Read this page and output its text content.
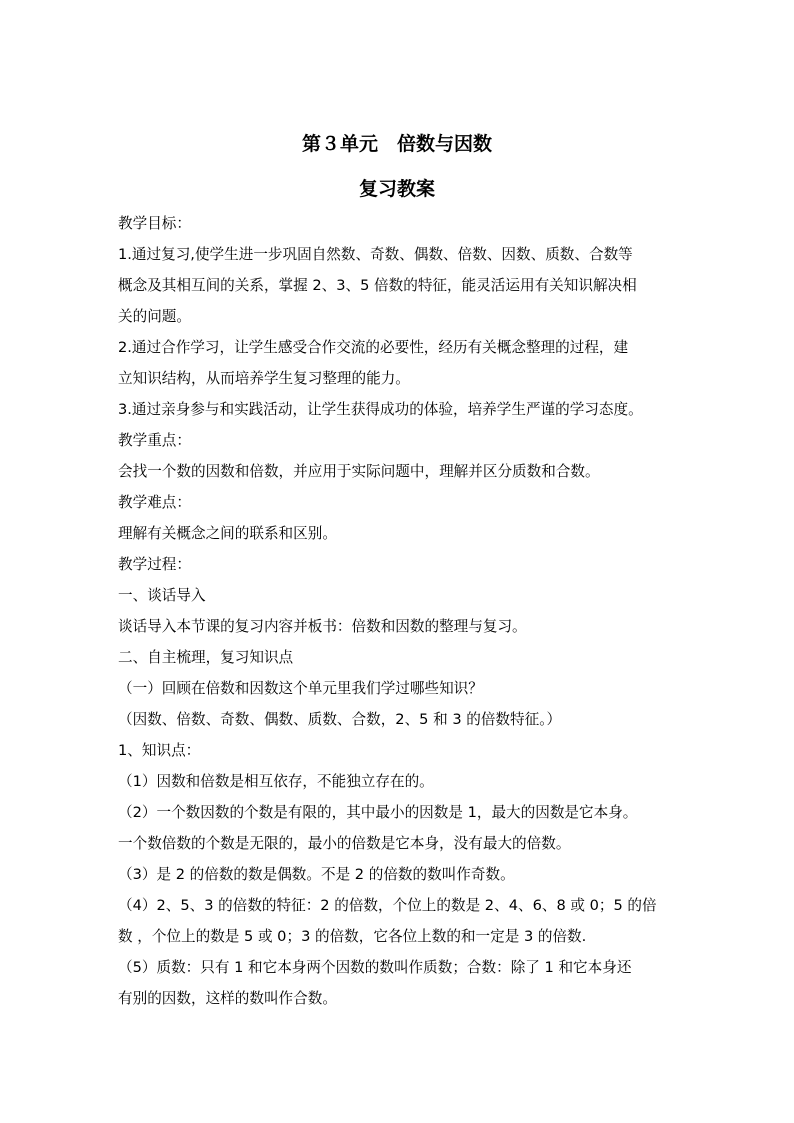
第３单元　倍数与因数
复习教案
教学目标：
1.通过复习,使学生进一步巩固自然数、奇数、偶数、倍数、因数、质数、合数等
概念及其相互间的关系，掌握 2、3、5 倍数的特征，能灵活运用有关知识解决相
关的问题。
2.通过合作学习，让学生感受合作交流的必要性，经历有关概念整理的过程，建
立知识结构，从而培养学生复习整理的能力。
3.通过亲身参与和实践活动，让学生获得成功的体验，培养学生严谨的学习态度。
教学重点：
会找一个数的因数和倍数，并应用于实际问题中，理解并区分质数和合数。
教学难点：
理解有关概念之间的联系和区别。
教学过程：
一、谈话导入
谈话导入本节课的复习内容并板书：倍数和因数的整理与复习。
二、自主梳理，复习知识点
（一）回顾在倍数和因数这个单元里我们学过哪些知识？
（因数、倍数、奇数、偶数、质数、合数，2、5 和 3 的倍数特征。）
1、知识点：
（1）因数和倍数是相互依存，不能独立存在的。
（2）一个数因数的个数是有限的，其中最小的因数是 1，最大的因数是它本身。
一个数倍数的个数是无限的，最小的倍数是它本身，没有最大的倍数。
（3）是 2 的倍数的数是偶数。不是 2 的倍数的数叫作奇数。
（4）2、5、3 的倍数的特征：2 的倍数，个位上的数是 2、4、6、8 或 0；5 的倍
数 ，个位上的数是 5 或 0；3 的倍数，它各位上数的和一定是 3 的倍数.
（5）质数：只有 1 和它本身两个因数的数叫作质数；合数：除了 1 和它本身还
有别的因数，这样的数叫作合数。
